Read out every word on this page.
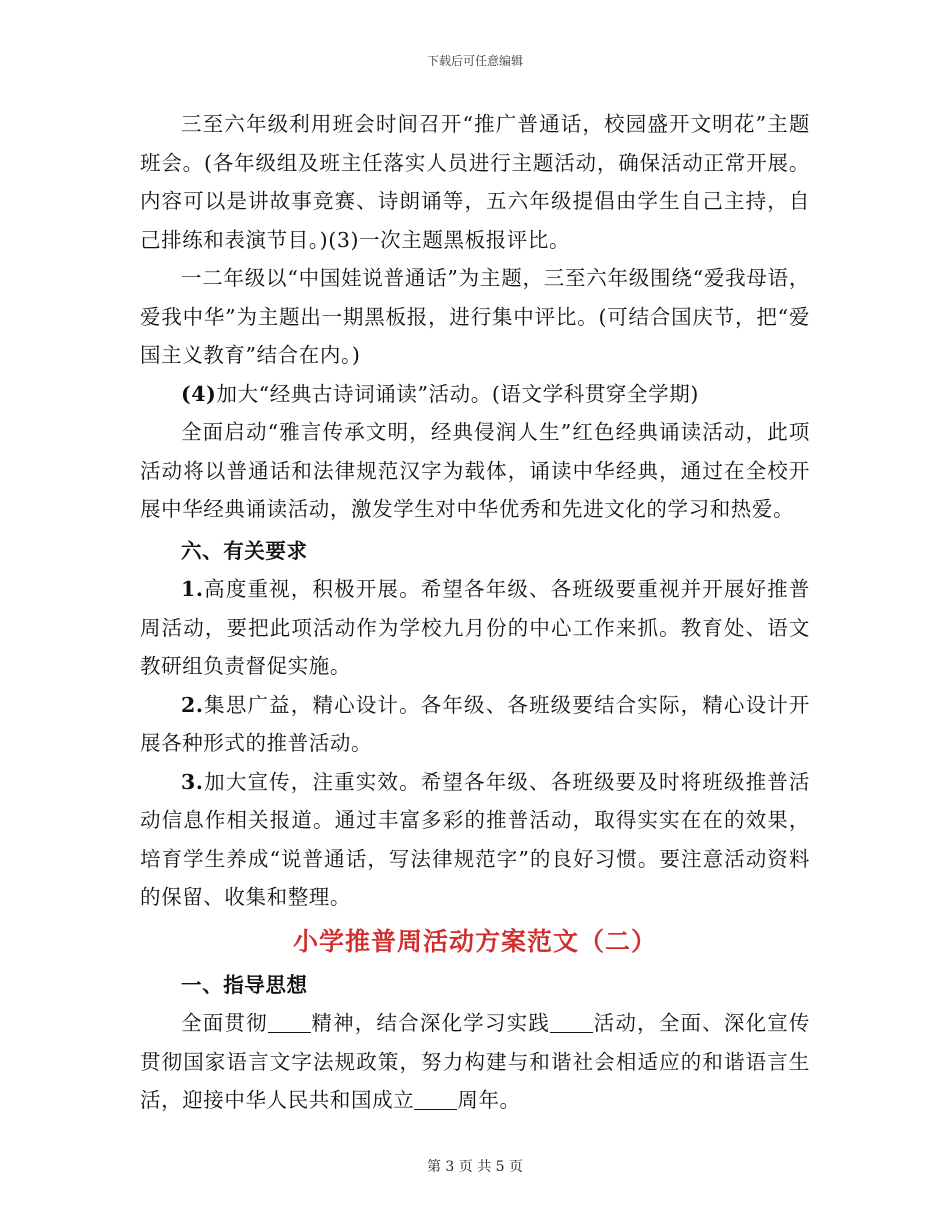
下载后可任意编辑

三至六年级利用班会时间召开“推广普通话，校园盛开文明花”主题班会。(各年级组及班主任落实人员进行主题活动，确保活动正常开展。内容可以是讲故事竞赛、诗朗诵等，五六年级提倡由学生自己主持，自己排练和表演节目。)(3)一次主题黑板报评比。

一二年级以“中国娃说普通话”为主题，三至六年级围绕“爱我母语，爱我中华”为主题出一期黑板报，进行集中评比。(可结合国庆节，把“爱国主义教育”结合在内。)

(4)加大“经典古诗词诵读”活动。(语文学科贯穿全学期)

全面启动“雅言传承文明，经典侵润人生”红色经典诵读活动，此项活动将以普通话和法律规范汉字为载体，诵读中华经典，通过在全校开展中华经典诵读活动，激发学生对中华优秀和先进文化的学习和热爱。

六、有关要求

1.高度重视，积极开展。希望各年级、各班级要重视并开展好推普周活动，要把此项活动作为学校九月份的中心工作来抓。教育处、语文教研组负责督促实施。

2.集思广益，精心设计。各年级、各班级要结合实际，精心设计开展各种形式的推普活动。

3.加大宣传，注重实效。希望各年级、各班级要及时将班级推普活动信息作相关报道。通过丰富多彩的推普活动，取得实实在在的效果，培育学生养成“说普通话，写法律规范字”的良好习惯。要注意活动资料的保留、收集和整理。

小学推普周活动方案范文（二）

一、指导思想

全面贯彻 精神，结合深化学习实践 活动，全面、深化宣传贯彻国家语言文字法规政策，努力构建与和谐社会相适应的和谐语言生活，迎接中华人民共和国成立 周年。

第 3 页 共 5 页
